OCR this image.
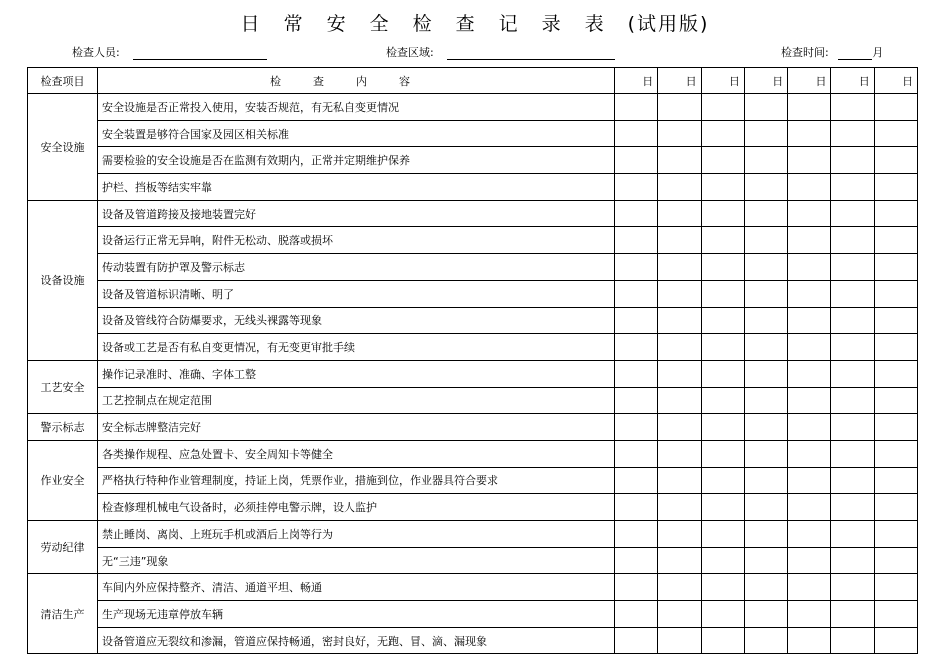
日常安全检查记录表(试用版)
检查人员:	检查区域:	检查时间:	月
检查项目	检查内容	日	日	日	日	日	日	日
安全设施	安全设施是否正常投入使用，安装否规范，有无私自变更情况							
	安全装置是够符合国家及园区相关标准							
	需要检验的安全设施是否在监测有效期内，正常并定期维护保养							
	护栏、挡板等结实牢靠							
设备设施	设备及管道跨接及接地装置完好							
	设备运行正常无异响，附件无松动、脱落或损坏							
	传动装置有防护罩及警示标志							
	设备及管道标识清晰、明了							
	设备及管线符合防爆要求，无线头裸露等现象							
	设备或工艺是否有私自变更情况，有无变更审批手续							
工艺安全	操作记录准时、准确、字体工整							
	工艺控制点在规定范围							
警示标志	安全标志牌整洁完好							
作业安全	各类操作规程、应急处置卡、安全周知卡等健全							
	严格执行特种作业管理制度，持证上岗，凭票作业，措施到位，作业器具符合要求							
	检查修理机械电气设备时，必须挂停电警示牌，设人监护							
劳动纪律	禁止睡岗、离岗、上班玩手机或酒后上岗等行为							
	无“三违”现象							
清洁生产	车间内外应保持整齐、清洁、通道平坦、畅通							
	生产现场无违章停放车辆							
	设备管道应无裂纹和渗漏，管道应保持畅通，密封良好，无跑、冒、滴、漏现象							
